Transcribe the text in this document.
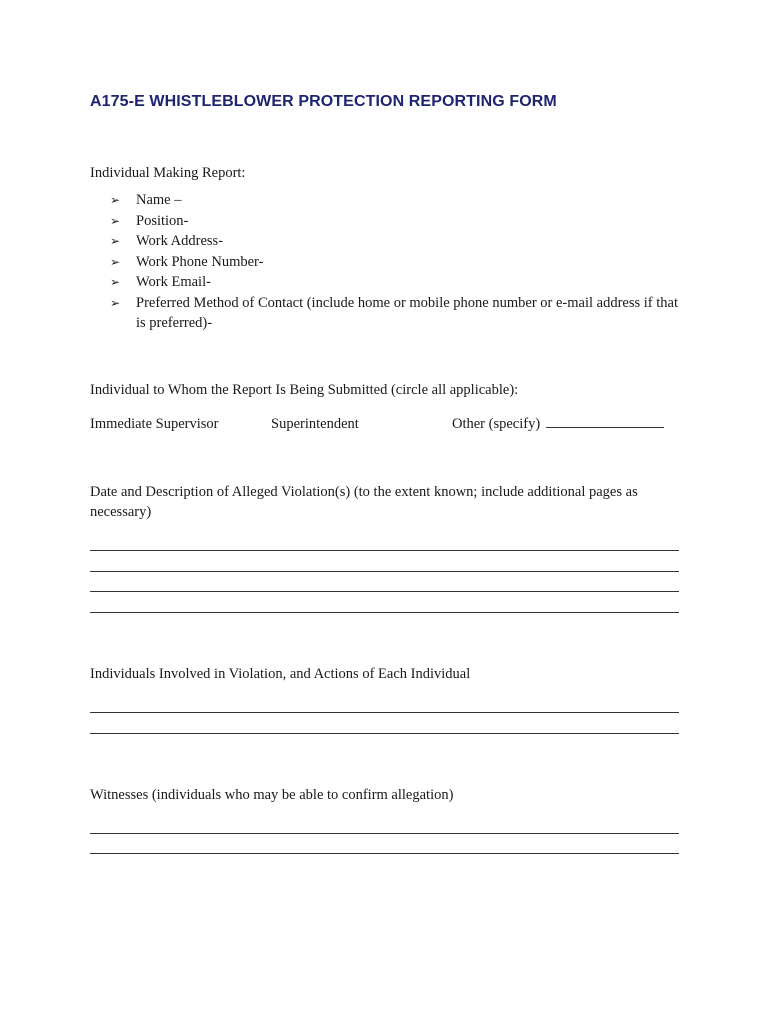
A175-E WHISTLEBLOWER PROTECTION REPORTING FORM
Individual Making Report:
➢ Name –
➢ Position-
➢ Work Address-
➢ Work Phone Number-
➢ Work Email-
➢ Preferred Method of Contact (include home or mobile phone number or e-mail address if that is preferred)-
Individual to Whom the Report Is Being Submitted (circle all applicable):
Immediate Supervisor	Superintendent	Other (specify)
Date and Description of Alleged Violation(s) (to the extent known; include additional pages as necessary)
Individuals Involved in Violation, and Actions of Each Individual
Witnesses (individuals who may be able to confirm allegation)
